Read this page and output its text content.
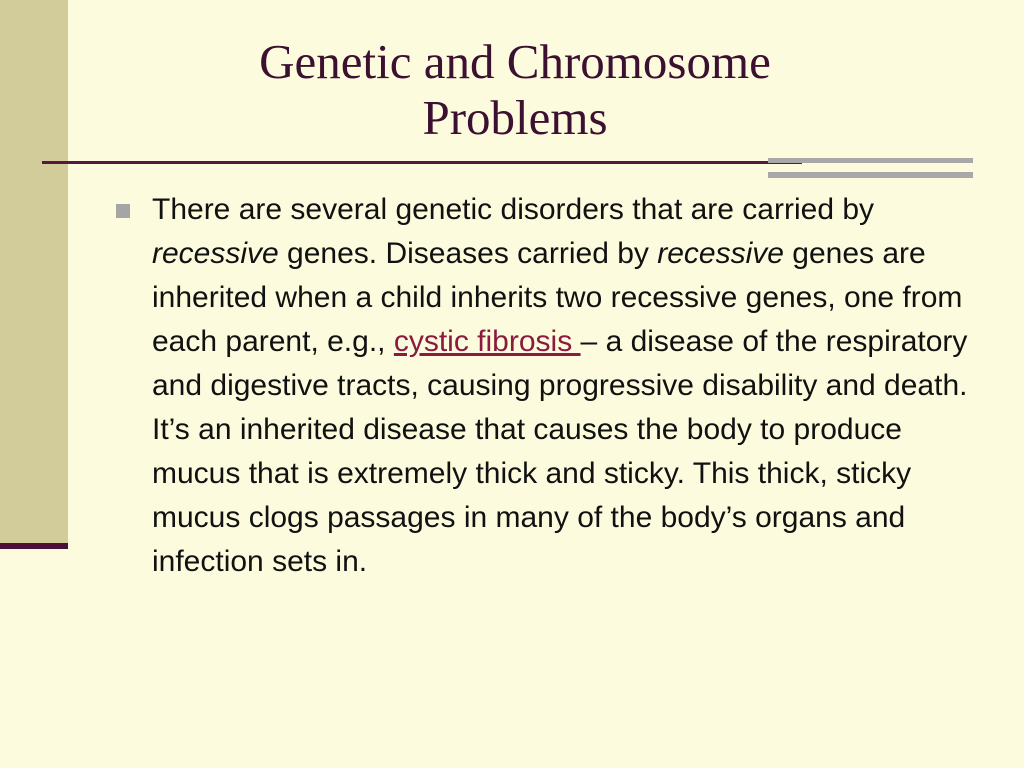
Genetic and Chromosome
Problems

There are several genetic disorders that are carried by recessive genes. Diseases carried by recessive genes are inherited when a child inherits two recessive genes, one from each parent, e.g., cystic fibrosis – a disease of the respiratory and digestive tracts, causing progressive disability and death. It’s an inherited disease that causes the body to produce mucus that is extremely thick and sticky. This thick, sticky mucus clogs passages in many of the body’s organs and infection sets in.
